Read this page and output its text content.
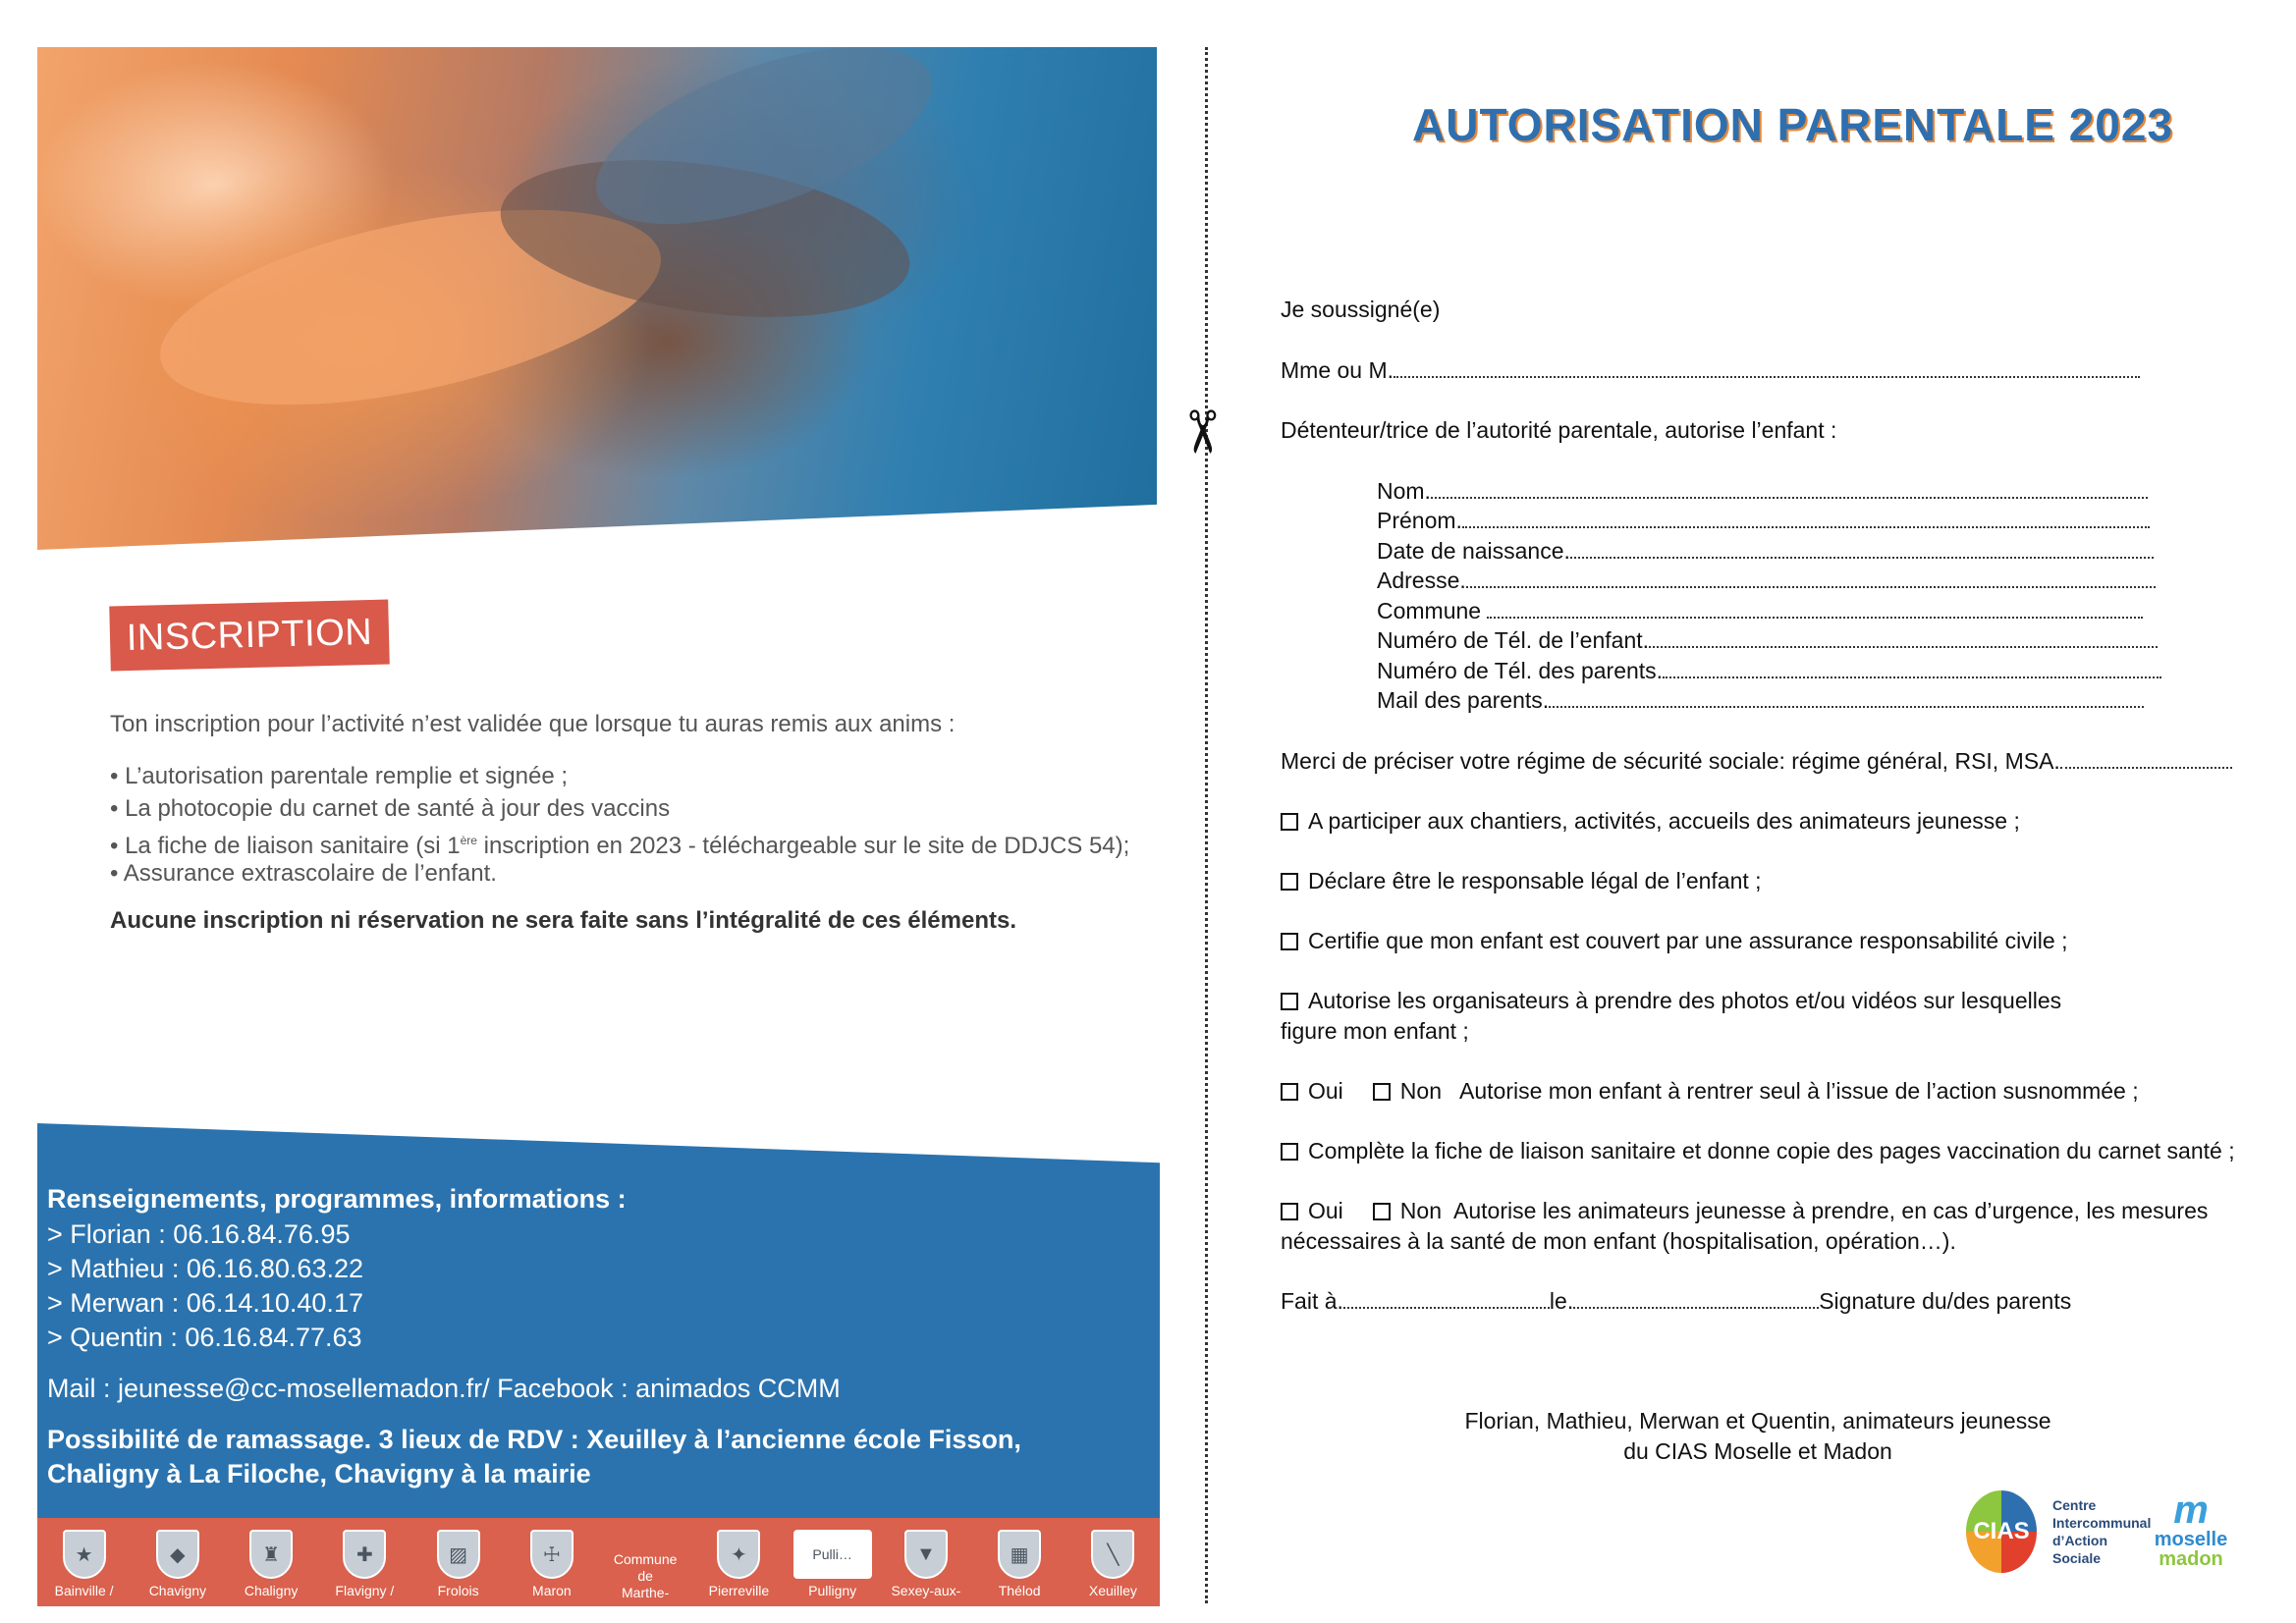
INSCRIPTION
Ton inscription pour l’activité n’est validée que lorsque tu auras remis aux anims :
• L’autorisation parentale remplie et signée ;
• La photocopie du carnet de santé à jour des vaccins
• La fiche de liaison sanitaire (si 1ère inscription en 2023 - téléchargeable sur le site de DDJCS 54);
• Assurance extrascolaire de l’enfant.
Aucune inscription ni réservation ne sera faite sans l’intégralité de ces éléments.
Renseignements, programmes, informations :
> Florian : 06.16.84.76.95
> Mathieu : 06.16.80.63.22
> Merwan : 06.14.10.40.17
> Quentin : 06.16.84.77.63
Mail : jeunesse@cc-mosellemadon.fr/ Facebook : animados CCMM
Possibilité de ramassage. 3 lieux de RDV : Xeuilley à l’ancienne école Fisson,
Chaligny à La Filoche, Chavigny à la mairie
★
Bainville /
◆
Chavigny
♜
Chaligny
✚
Flavigny /
▨
Frolois
☩
Maron
Commune
de
Marthe-
✦
Pierreville
Pulli…
Pulligny
▼
Sexey-aux-
▦
Thélod
╲
Xeuilley
✂
AUTORISATION PARENTALE 2023
Je soussigné(e)
Mme ou M.
Détenteur/trice de l’autorité parentale, autorise l’enfant :
Nom.
Prénom.
Date de naissance.
Adresse.
Commune
Numéro de Tél. de l’enfant.
Numéro de Tél. des parents.
Mail des parents.
Merci de préciser votre régime de sécurité sociale: régime général, RSI, MSA.
A participer aux chantiers, activités, accueils des animateurs jeunesse ;
Déclare être le responsable légal de l’enfant ;
Certifie que mon enfant est couvert par une assurance responsabilité civile ;
Autorise les organisateurs à prendre des photos et/ou vidéos sur lesquelles
figure mon enfant ;
Oui	Non Autorise mon enfant à rentrer seul à l’issue de l’action susnommée ;
Complète la fiche de liaison sanitaire et donne copie des pages vaccination du carnet santé ;
Oui	Non Autorise les animateurs jeunesse à prendre, en cas d’urgence, les mesures
nécessaires à la santé de mon enfant (hospitalisation, opération…).
Fait à.	le.	Signature du/des parents
Florian, Mathieu, Merwan et Quentin, animateurs jeunesse
du CIAS Moselle et Madon
CIAS
Centre
Intercommunal
d’Action
Sociale
m
moselle
madon
